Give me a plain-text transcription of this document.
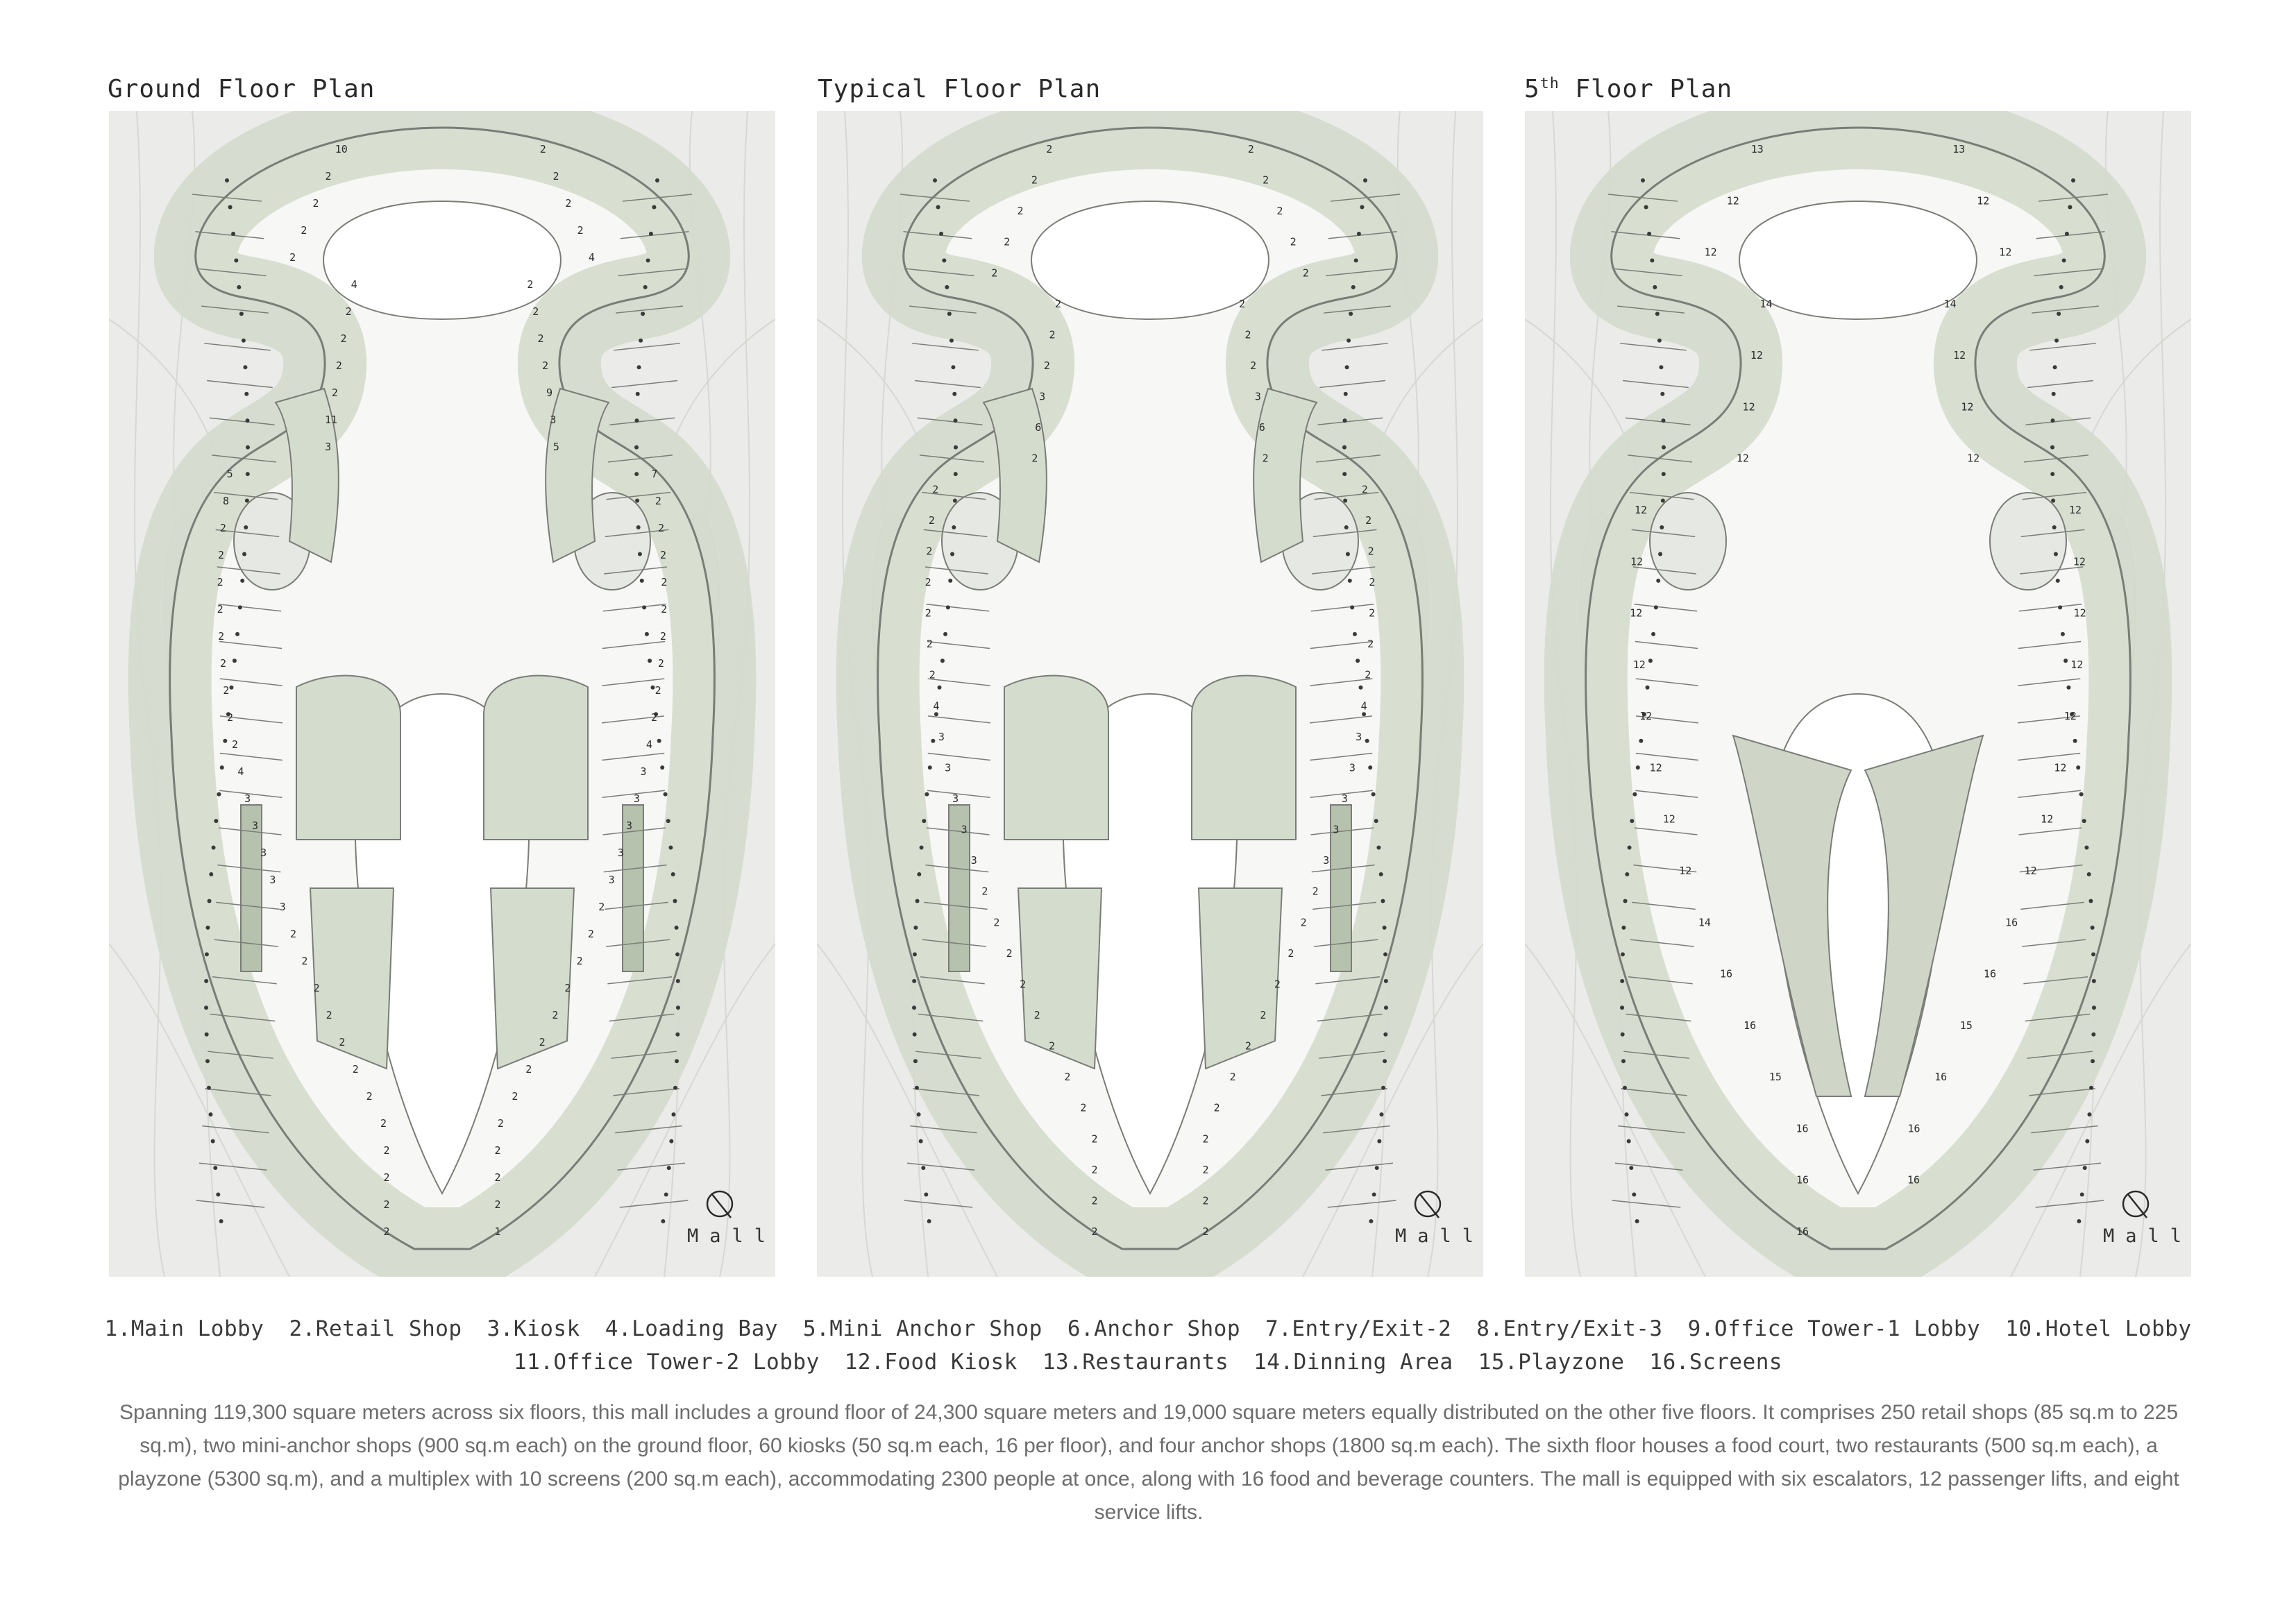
Ground Floor Plan	Typical Floor Plan	5th Floor Plan
10	2
2	2
2	2
2	2
2	4
4	2
2	2
2	2
2	2
2	9
11	3
3	5
5	7
8	2
2	2
2	2
2	2
2	2
2	2
2	2
2	2
2	2
2	4
4	3
3	3
3	3
3	3
3	3
3	2
2	2
2	2
2	2
2	2
2	2
2	2
2	2
2	2
2	2
2	2
2	2
2	1
2	2
2	2
2	2
2	2
2	2
2	2
2	2
2	2
3	3
6	6
2	2
2	2
2	2
2	2
2	2
2	2
2	2
2	2
4	4
3	3
3	3
3	3
3	3
3	3
2	2
2	2
2	2
2	2
2	2
2	2
2	2
2	2
2	2
2	2
2	2
2	2
13	13
12	12
12	12
14	14
12	12
12	12
12	12
12	12
12	12
12	12
12	12
12	12
12	12
12	12
12	12
14	16
16	16
16	15
15	16
16	16
16	16
16
Mall	Mall	Mall
1.Main Lobby 2.Retail Shop 3.Kiosk 4.Loading Bay 5.Mini Anchor Shop 6.Anchor Shop 7.Entry/Exit-2 8.Entry/Exit-3 9.Office Tower-1 Lobby 10.Hotel Lobby
11.Office Tower-2 Lobby 12.Food Kiosk 13.Restaurants 14.Dinning Area 15.Playzone 16.Screens
Spanning 119,300 square meters across six floors, this mall includes a ground floor of 24,300 square meters and 19,000 square meters equally distributed on the other five floors. It comprises 250 retail shops (85 sq.m to 225 sq.m), two mini-anchor shops (900 sq.m each) on the ground floor, 60 kiosks (50 sq.m each, 16 per floor), and four anchor shops (1800 sq.m each). The sixth floor houses a food court, two restaurants (500 sq.m each), a playzone (5300 sq.m), and a multiplex with 10 screens (200 sq.m each), accommodating 2300 people at once, along with 16 food and beverage counters. The mall is equipped with six escalators, 12 passenger lifts, and eight service lifts.
